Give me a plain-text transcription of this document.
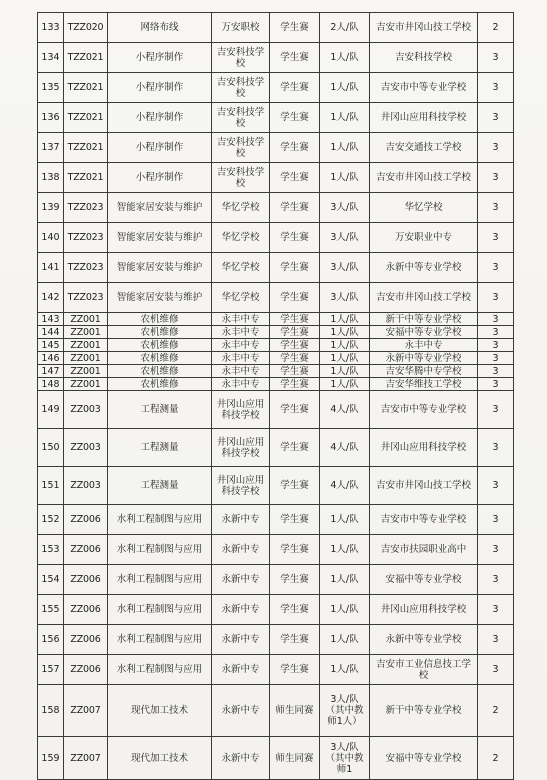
133	TZZ020	网络布线	万安职校	学生赛	2人/队	吉安市井冈山技工学校	2
134	TZZ021	小程序制作	吉安科技学校	学生赛	1人/队	吉安科技学校	3
135	TZZ021	小程序制作	吉安科技学校	学生赛	1人/队	吉安市中等专业学校	3
136	TZZ021	小程序制作	吉安科技学校	学生赛	1人/队	井冈山应用科技学校	3
137	TZZ021	小程序制作	吉安科技学校	学生赛	1人/队	吉安交通技工学校	3
138	TZZ021	小程序制作	吉安科技学校	学生赛	1人/队	吉安市井冈山技工学校	3
139	TZZ023	智能家居安装与维护	华忆学校	学生赛	3人/队	华忆学校	3
140	TZZ023	智能家居安装与维护	华忆学校	学生赛	3人/队	万安职业中专	3
141	TZZ023	智能家居安装与维护	华忆学校	学生赛	3人/队	永新中等专业学校	3
142	TZZ023	智能家居安装与维护	华忆学校	学生赛	3人/队	吉安市井冈山技工学校	3
143	ZZ001	农机维修	永丰中专	学生赛	1人/队	新干中等专业学校	3
144	ZZ001	农机维修	永丰中专	学生赛	1人/队	安福中等专业学校	3
145	ZZ001	农机维修	永丰中专	学生赛	1人/队	永丰中专	3
146	ZZ001	农机维修	永丰中专	学生赛	1人/队	永新中等专业学校	3
147	ZZ001	农机维修	永丰中专	学生赛	1人/队	吉安华腾中专学校	3
148	ZZ001	农机维修	永丰中专	学生赛	1人/队	吉安华维技工学校	3
149	ZZ003	工程测量	井冈山应用科技学校	学生赛	4人/队	吉安市中等专业学校	3
150	ZZ003	工程测量	井冈山应用科技学校	学生赛	4人/队	井冈山应用科技学校	3
151	ZZ003	工程测量	井冈山应用科技学校	学生赛	4人/队	吉安市井冈山技工学校	3
152	ZZ006	水利工程制图与应用	永新中专	学生赛	1人/队	吉安市中等专业学校	3
153	ZZ006	水利工程制图与应用	永新中专	学生赛	1人/队	吉安市扶园职业高中	3
154	ZZ006	水利工程制图与应用	永新中专	学生赛	1人/队	安福中等专业学校	3
155	ZZ006	水利工程制图与应用	永新中专	学生赛	1人/队	井冈山应用科技学校	3
156	ZZ006	水利工程制图与应用	永新中专	学生赛	1人/队	永新中等专业学校	3
157	ZZ006	水利工程制图与应用	永新中专	学生赛	1人/队	吉安市工业信息技工学校	3
158	ZZ007	现代加工技术	永新中专	师生同赛	3人/队（其中教师1人）	新干中等专业学校	2
159	ZZ007	现代加工技术	永新中专	师生同赛	3人/队（其中教师1	安福中等专业学校	2
